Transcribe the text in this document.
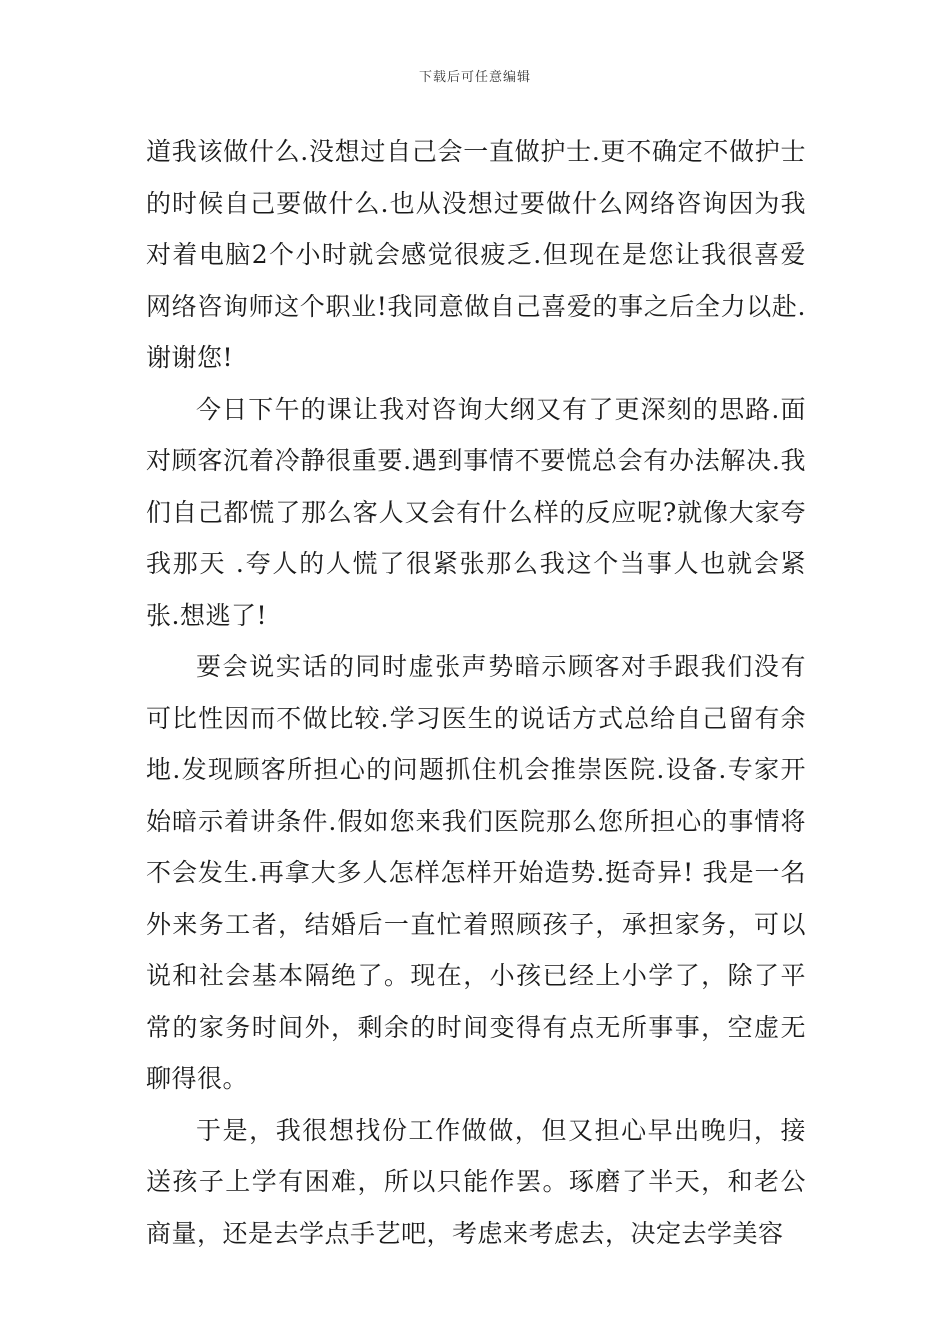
下载后可任意编辑

道我该做什么.没想过自己会一直做护士.更不确定不做护士的时候自己要做什么.也从没想过要做什么网络咨询因为我对着电脑2个小时就会感觉很疲乏.但现在是您让我很喜爱网络咨询师这个职业!我同意做自己喜爱的事之后全力以赴.谢谢您!

今日下午的课让我对咨询大纲又有了更深刻的思路.面对顾客沉着冷静很重要.遇到事情不要慌总会有办法解决.我们自己都慌了那么客人又会有什么样的反应呢?就像大家夸我那天 .夸人的人慌了很紧张那么我这个当事人也就会紧张.想逃了!

要会说实话的同时虚张声势暗示顾客对手跟我们没有可比性因而不做比较.学习医生的说话方式总给自己留有余地.发现顾客所担心的问题抓住机会推崇医院.设备.专家开始暗示着讲条件.假如您来我们医院那么您所担心的事情将不会发生.再拿大多人怎样怎样开始造势.挺奇异! 我是一名外来务工者，结婚后一直忙着照顾孩子，承担家务，可以说和社会基本隔绝了。现在，小孩已经上小学了，除了平常的家务时间外，剩余的时间变得有点无所事事，空虚无聊得很。

于是，我很想找份工作做做，但又担心早出晚归，接送孩子上学有困难，所以只能作罢。琢磨了半天，和老公商量，还是去学点手艺吧，考虑来考虑去，决定去学美容
